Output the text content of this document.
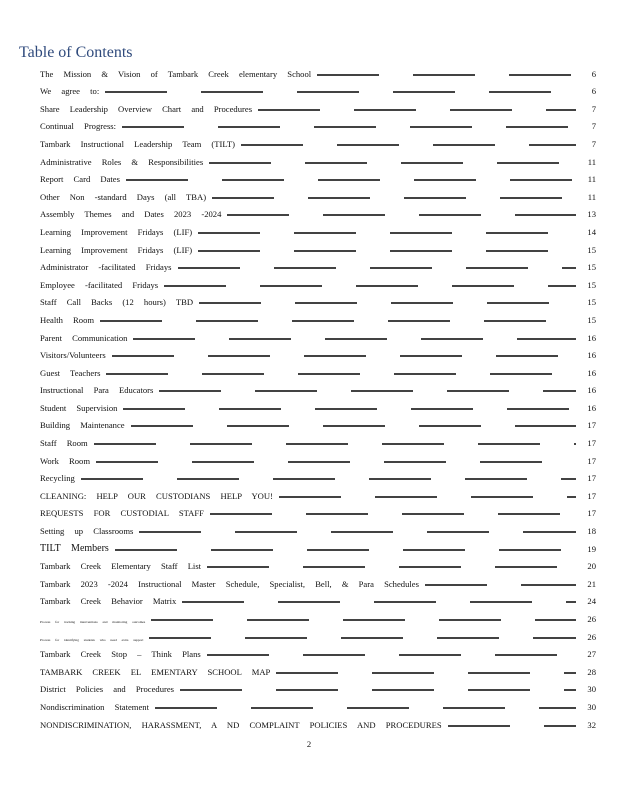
Table of Contents
The Mission & Vision of Tambark Creek elementary School	6
We agree to:	6
Share Leadership Overview Chart and Procedures	7
Continual Progress:	7
Tambark Instructional Leadership Team (TILT)	7
Administrative Roles & Responsibilities	11
Report Card Dates	11
Other Non -standard Days (all TBA)	11
Assembly Themes and Dates 2023 -2024	13
Learning Improvement Fridays (LIF)	14
Learning Improvement Fridays (LIF)	15
Administrator -facilitated Fridays	15
Employee -facilitated Fridays	15
Staff Call Backs (12 hours) TBD	15
Health Room	15
Parent Communication	16
Visitors/Volunteers	16
Guest Teachers	16
Instructional Para Educators	16
Student Supervision	16
Building Maintenance	17
Staff Room	17
Work Room	17
Recycling	17
CLEANING: HELP OUR CUSTODIANS HELP YOU!	17
REQUESTS FOR CUSTODIAL STAFF	17
Setting up Classrooms	18
TILT Members	19
Tambark Creek Elementary Staff List	20
Tambark 2023 -2024 Instructional Master Schedule, Specialist, Bell, & Para Schedules	21
Tambark Creek Behavior Matrix	24
Process for tracking interventions and monitoring outcomes	26
Process for identifying students who need extra support	26
Tambark Creek Stop – Think Plans	27
TAMBARK CREEK EL EMENTARY SCHOOL MAP	28
District Policies and Procedures	30
Nondiscrimination Statement	30
NONDISCRIMINATION, HARASSMENT, A ND COMPLAINT POLICIES AND PROCEDURES	32
2
